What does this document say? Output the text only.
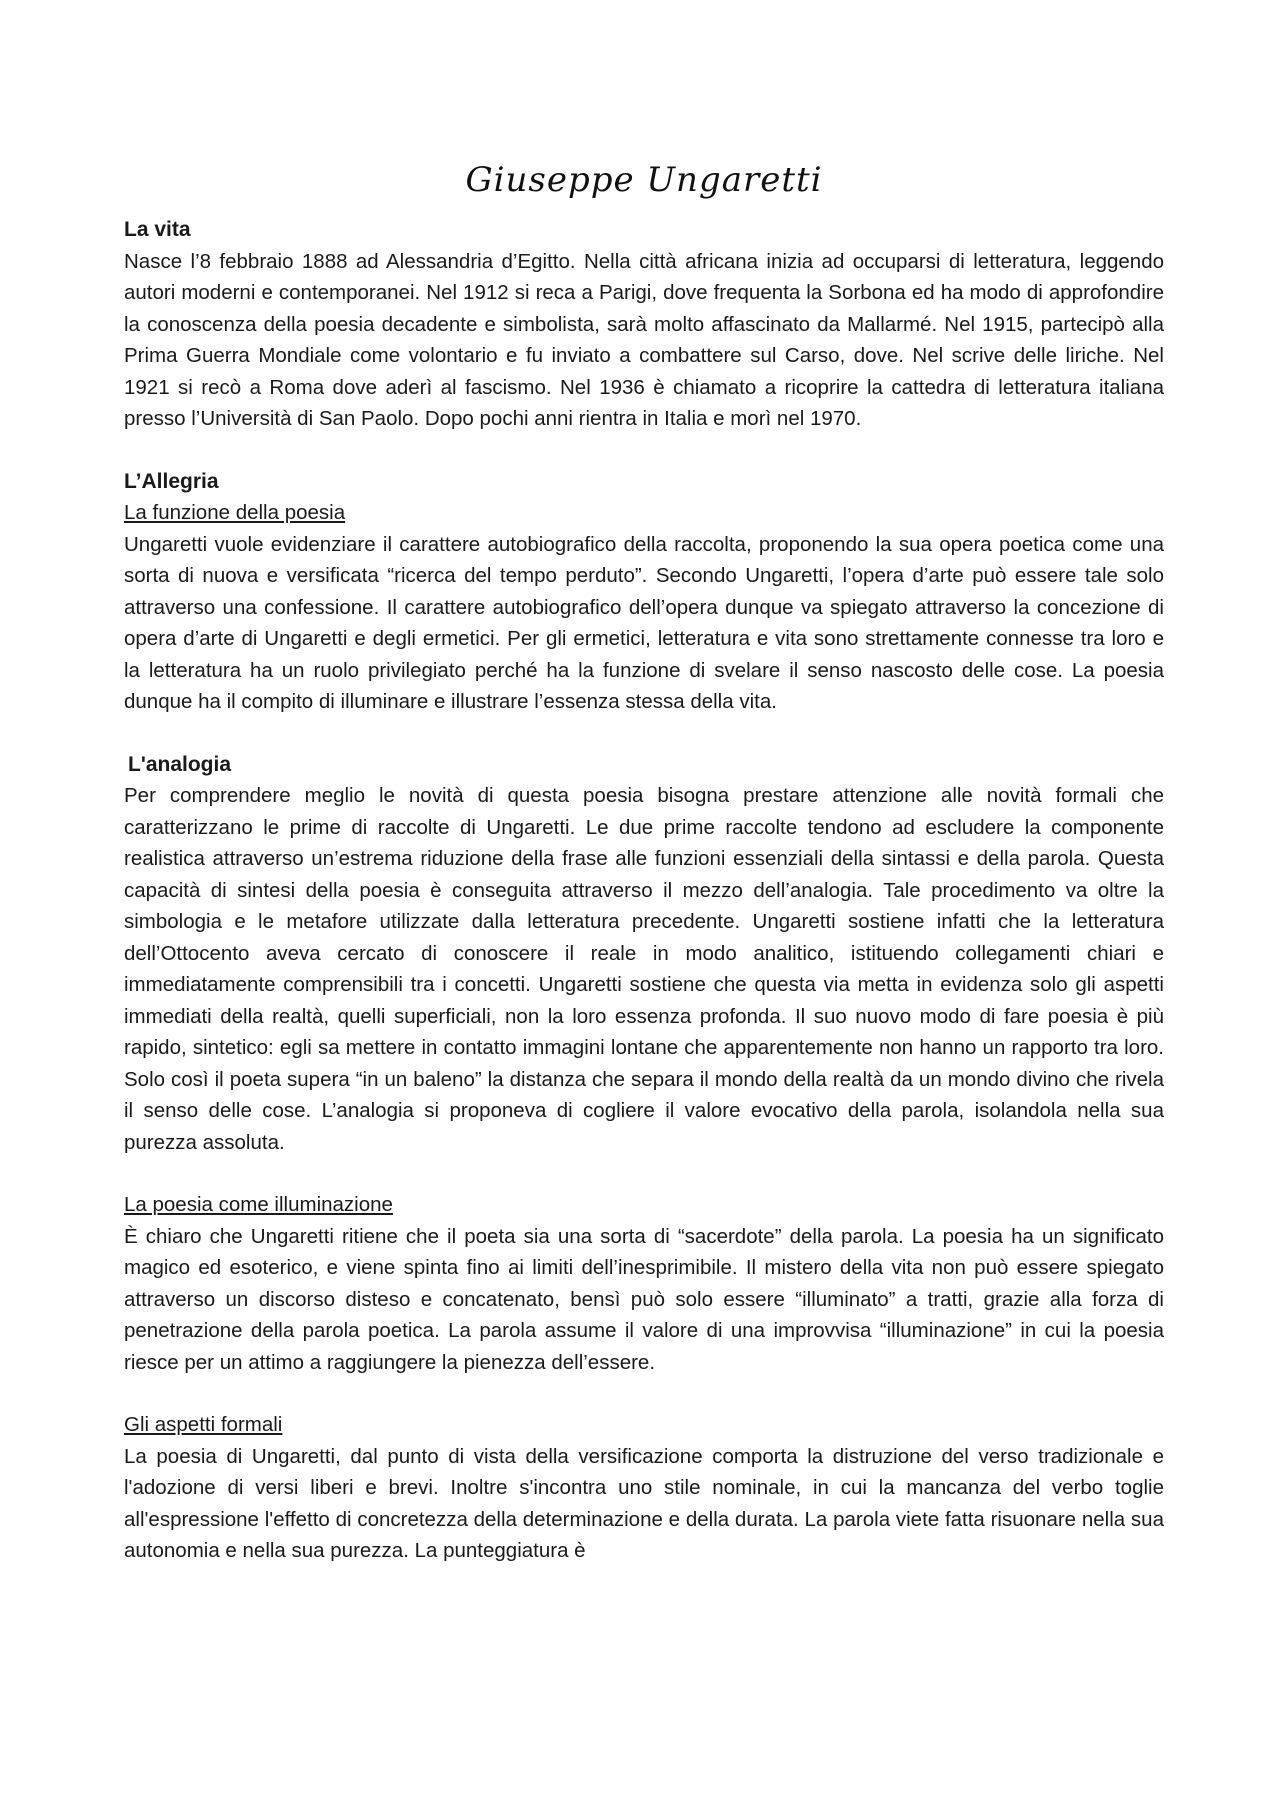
Giuseppe Ungaretti

La vita

Nasce l’8 febbraio 1888 ad Alessandria d’Egitto. Nella città africana inizia ad occuparsi di letteratura, leggendo autori moderni e contemporanei. Nel 1912 si reca a Parigi, dove frequenta la Sorbona ed ha modo di approfondire la conoscenza della poesia decadente e simbolista, sarà molto affascinato da Mallarmé. Nel 1915, partecipò alla Prima Guerra Mondiale come volontario e fu inviato a combattere sul Carso, dove. Nel scrive delle liriche. Nel 1921 si recò a Roma dove aderì al fascismo. Nel 1936 è chiamato a ricoprire la cattedra di letteratura italiana presso l’Università di San Paolo. Dopo pochi anni rientra in Italia e morì nel 1970.

L’Allegria

La funzione della poesia

Ungaretti vuole evidenziare il carattere autobiografico della raccolta, proponendo la sua opera poetica come una sorta di nuova e versificata “ricerca del tempo perduto”. Secondo Ungaretti, l’opera d’arte può essere tale solo attraverso una confessione. Il carattere autobiografico dell’opera dunque va spiegato attraverso la concezione di opera d’arte di Ungaretti e degli ermetici. Per gli ermetici, letteratura e vita sono strettamente connesse tra loro e la letteratura ha un ruolo privilegiato perché ha la funzione di svelare il senso nascosto delle cose. La poesia dunque ha il compito di illuminare e illustrare l’essenza stessa della vita.

L'analogia

Per comprendere meglio le novità di questa poesia bisogna prestare attenzione alle novità formali che caratterizzano le prime di raccolte di Ungaretti. Le due prime raccolte tendono ad escludere la componente realistica attraverso un’estrema riduzione della frase alle funzioni essenziali della sintassi e della parola. Questa capacità di sintesi della poesia è conseguita attraverso il mezzo dell’analogia. Tale procedimento va oltre la simbologia e le metafore utilizzate dalla letteratura precedente. Ungaretti sostiene infatti che la letteratura dell’Ottocento aveva cercato di conoscere il reale in modo analitico, istituendo collegamenti chiari e immediatamente comprensibili tra i concetti. Ungaretti sostiene che questa via metta in evidenza solo gli aspetti immediati della realtà, quelli superficiali, non la loro essenza profonda. Il suo nuovo modo di fare poesia è più rapido, sintetico: egli sa mettere in contatto immagini lontane che apparentemente non hanno un rapporto tra loro. Solo così il poeta supera “in un baleno” la distanza che separa il mondo della realtà da un mondo divino che rivela il senso delle cose. L’analogia si proponeva di cogliere il valore evocativo della parola, isolandola nella sua purezza assoluta.

La poesia come illuminazione

È chiaro che Ungaretti ritiene che il poeta sia una sorta di “sacerdote” della parola. La poesia ha un significato magico ed esoterico, e viene spinta fino ai limiti dell’inesprimibile. Il mistero della vita non può essere spiegato attraverso un discorso disteso e concatenato, bensì può solo essere “illuminato” a tratti, grazie alla forza di penetrazione della parola poetica. La parola assume il valore di una improvvisa “illuminazione” in cui la poesia riesce per un attimo a raggiungere la pienezza dell’essere.

Gli aspetti formali

La poesia di Ungaretti, dal punto di vista della versificazione comporta la distruzione del verso tradizionale e l'adozione di versi liberi e brevi. Inoltre s'incontra uno stile nominale, in cui la mancanza del verbo toglie all'espressione l'effetto di concretezza della determinazione e della durata. La parola viete fatta risuonare nella sua autonomia e nella sua purezza. La punteggiatura è
